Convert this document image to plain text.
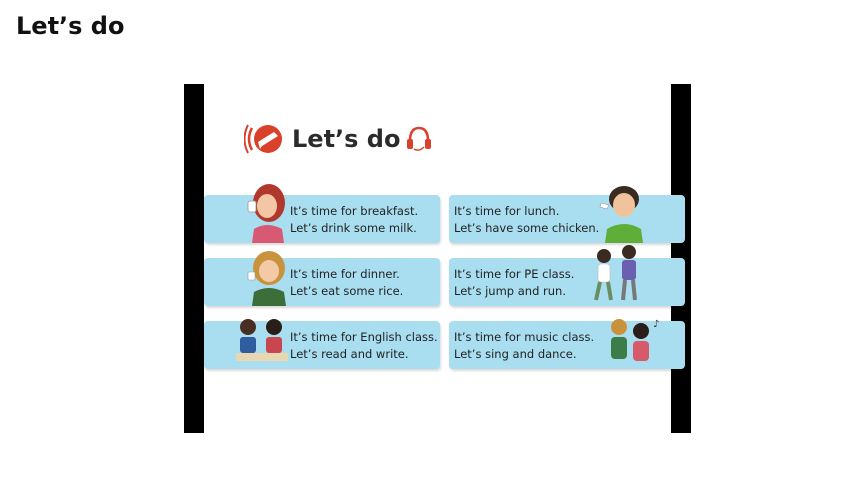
Let’s do
Let’s do
It’s time for breakfast.
Let’s drink some milk.
It’s time for lunch.
Let’s have some chicken.
It’s time for dinner.
Let’s eat some rice.
It’s time for PE class.
Let’s jump and run.
It’s time for English class.
Let’s read and write.
It’s time for music class.
Let’s sing and dance.
♪
